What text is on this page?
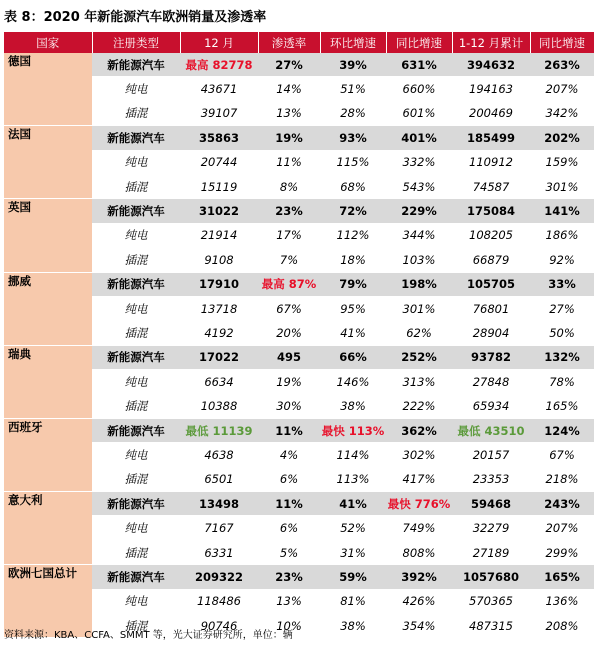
表 8：2020 年新能源汽车欧洲销量及渗透率
国家	注册类型	12 月	渗透率	环比增速	同比增速	1-12 月累计	同比增速
德国	新能源汽车	最高 82778	27%	39%	631%	394632	263%
	纯电	43671	14%	51%	660%	194163	207%
	插混	39107	13%	28%	601%	200469	342%
法国	新能源汽车	35863	19%	93%	401%	185499	202%
	纯电	20744	11%	115%	332%	110912	159%
	插混	15119	8%	68%	543%	74587	301%
英国	新能源汽车	31022	23%	72%	229%	175084	141%
	纯电	21914	17%	112%	344%	108205	186%
	插混	9108	7%	18%	103%	66879	92%
挪威	新能源汽车	17910	最高 87%	79%	198%	105705	33%
	纯电	13718	67%	95%	301%	76801	27%
	插混	4192	20%	41%	62%	28904	50%
瑞典	新能源汽车	17022	495	66%	252%	93782	132%
	纯电	6634	19%	146%	313%	27848	78%
	插混	10388	30%	38%	222%	65934	165%
西班牙	新能源汽车	最低 11139	11%	最快 113%	362%	最低 43510	124%
	纯电	4638	4%	114%	302%	20157	67%
	插混	6501	6%	113%	417%	23353	218%
意大利	新能源汽车	13498	11%	41%	最快 776%	59468	243%
	纯电	7167	6%	52%	749%	32279	207%
	插混	6331	5%	31%	808%	27189	299%
欧洲七国总计	新能源汽车	209322	23%	59%	392%	1057680	165%
	纯电	118486	13%	81%	426%	570365	136%
	插混	90746	10%	38%	354%	487315	208%
资料来源：KBA、CCFA、SMMT 等，光大证券研究所，单位：辆
